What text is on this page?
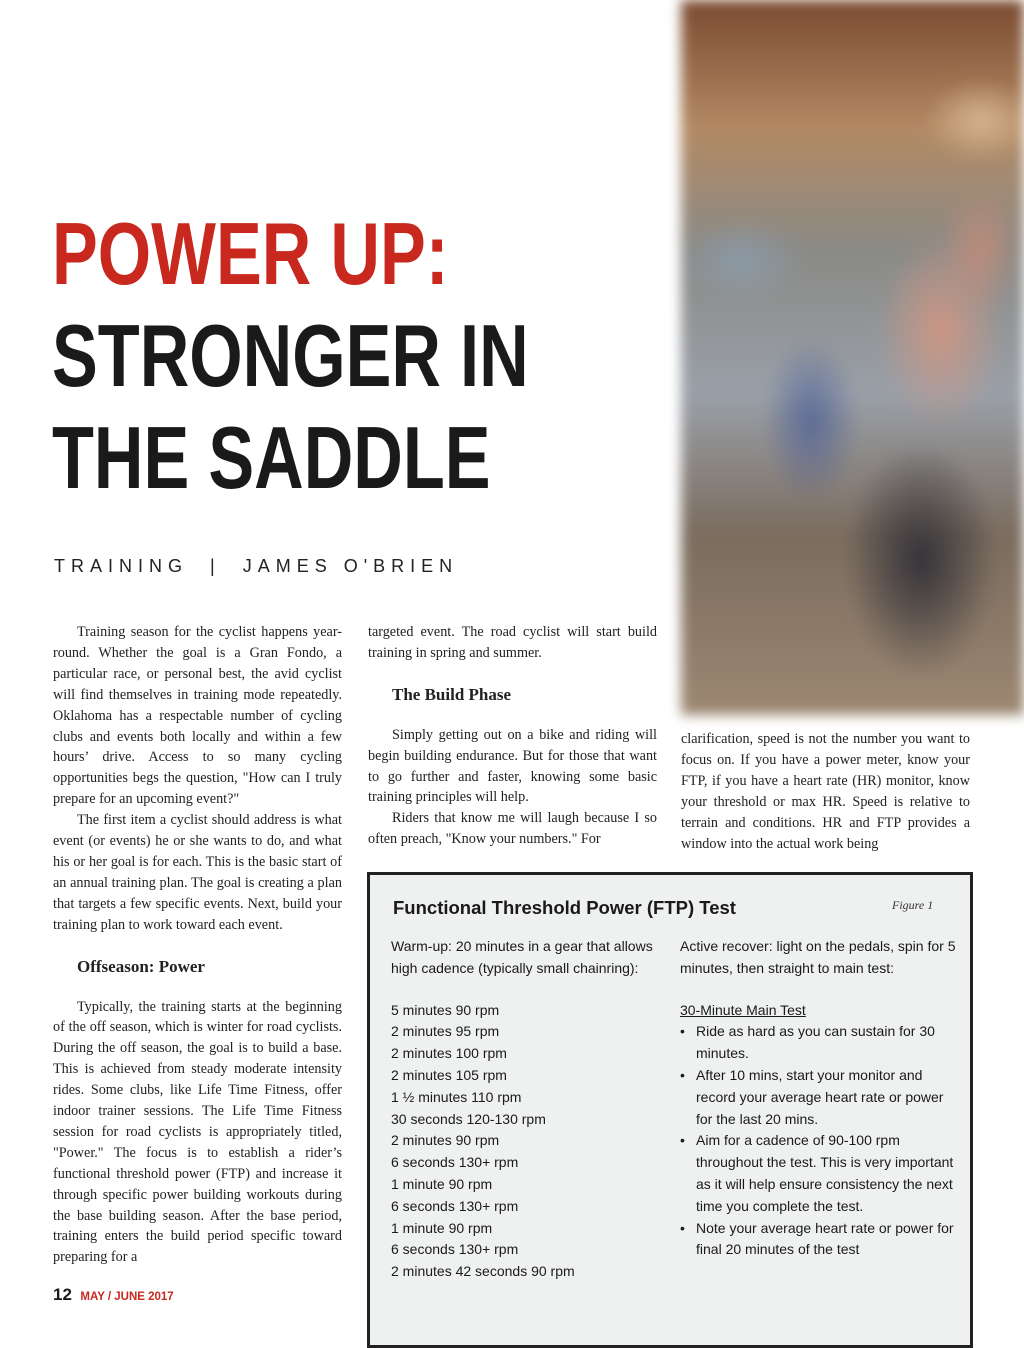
POWER UP:
STRONGER IN
THE SADDLE
TRAINING | JAMES O'BRIEN

Training season for the cyclist happens year-round. Whether the goal is a Gran Fondo, a particular race, or personal best, the avid cyclist will find themselves in training mode repeatedly. Oklahoma has a respectable number of cycling clubs and events both locally and within a few hours’ drive. Access to so many cycling opportunities begs the question, "How can I truly prepare for an upcoming event?"

The first item a cyclist should address is what event (or events) he or she wants to do, and what his or her goal is for each. This is the basic start of an annual training plan. The goal is creating a plan that targets a few specific events. Next, build your training plan to work toward each event.

Offseason: Power

Typically, the training starts at the beginning of the off season, which is winter for road cyclists. During the off season, the goal is to build a base. This is achieved from steady moderate intensity rides. Some clubs, like Life Time Fitness, offer indoor trainer sessions. The Life Time Fitness session for road cyclists is appropriately titled, "Power." The focus is to establish a rider’s functional threshold power (FTP) and increase it through specific power building workouts during the base building season. After the base period, training enters the build period specific toward preparing for a

targeted event. The road cyclist will start build training in spring and summer.

The Build Phase

Simply getting out on a bike and riding will begin building endurance. But for those that want to go further and faster, knowing some basic training principles will help.

Riders that know me will laugh because I so often preach, "Know your numbers." For

clarification, speed is not the number you want to focus on. If you have a power meter, know your FTP, if you have a heart rate (HR) monitor, know your threshold or max HR. Speed is relative to terrain and conditions. HR and FTP provides a window into the actual work being

Functional Threshold Power (FTP) Test	Figure 1

Warm-up: 20 minutes in a gear that allows high cadence (typically small chainring):

5 minutes 90 rpm
2 minutes 95 rpm
2 minutes 100 rpm
2 minutes 105 rpm
1 ½ minutes 110 rpm
30 seconds 120-130 rpm
2 minutes 90 rpm
6 seconds 130+ rpm
1 minute 90 rpm
6 seconds 130+ rpm
1 minute 90 rpm
6 seconds 130+ rpm
2 minutes 42 seconds 90 rpm

Active recover: light on the pedals, spin for 5 minutes, then straight to main test:

30-Minute Main Test

• Ride as hard as you can sustain for 30 minutes.
• After 10 mins, start your monitor and record your average heart rate or power for the last 20 mins.
• Aim for a cadence of 90-100 rpm throughout the test. This is very important as it will help ensure consistency the next time you complete the test.
• Note your average heart rate or power for final 20 minutes of the test
12 MAY / JUNE 2017
